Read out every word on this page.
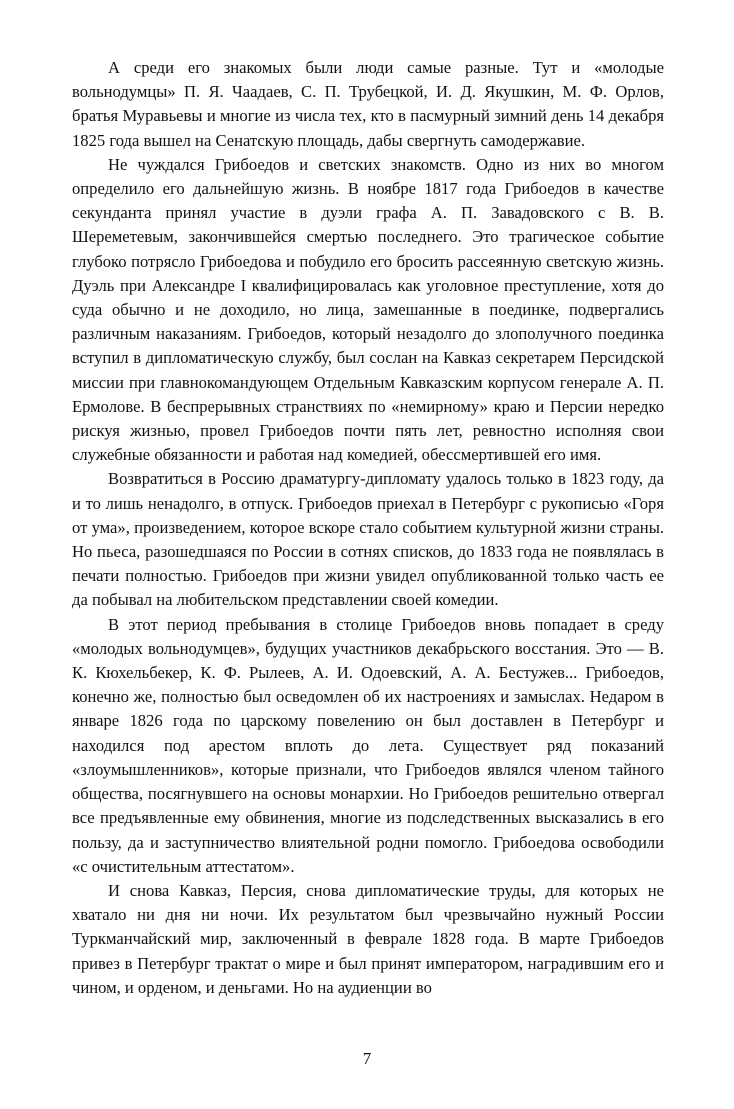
А среди его знакомых были люди самые разные. Тут и «молодые вольнодумцы» П. Я. Чаадаев, С. П. Трубецкой, И. Д. Якушкин, М. Ф. Орлов, братья Муравьевы и многие из числа тех, кто в пасмурный зимний день 14 декабря 1825 года вышел на Сенатскую площадь, дабы свергнуть самодержавие.

Не чуждался Грибоедов и светских знакомств. Одно из них во многом определило его дальнейшую жизнь. В ноябре 1817 года Грибоедов в качестве секунданта принял участие в дуэли графа А. П. Завадовского с В. В. Шереметевым, закончившейся смертью последнего. Это трагическое событие глубоко потрясло Грибоедова и побудило его бросить рассеянную светскую жизнь. Дуэль при Александре I квалифицировалась как уголовное преступление, хотя до суда обычно и не доходило, но лица, замешанные в поединке, подвергались различным наказаниям. Грибоедов, который незадолго до злополучного поединка вступил в дипломатическую службу, был сослан на Кавказ секретарем Персидской миссии при главнокомандующем Отдельным Кавказским корпусом генерале А. П. Ермолове. В беспрерывных странствиях по «немирному» краю и Персии нередко рискуя жизнью, провел Грибоедов почти пять лет, ревностно исполняя свои служебные обязанности и работая над комедией, обессмертившей его имя.

Возвратиться в Россию драматургу-дипломату удалось только в 1823 году, да и то лишь ненадолго, в отпуск. Грибоедов приехал в Петербург с рукописью «Горя от ума», произведением, которое вскоре стало событием культурной жизни страны. Но пьеса, разошедшаяся по России в сотнях списков, до 1833 года не появлялась в печати полностью. Грибоедов при жизни увидел опубликованной только часть ее да побывал на любительском представлении своей комедии.

В этот период пребывания в столице Грибоедов вновь попадает в среду «молодых вольнодумцев», будущих участников декабрьского восстания. Это — В. К. Кюхельбекер, К. Ф. Рылеев, А. И. Одоевский, А. А. Бестужев... Грибоедов, конечно же, полностью был осведомлен об их настроениях и замыслах. Недаром в январе 1826 года по царскому повелению он был доставлен в Петербург и находился под арестом вплоть до лета. Существует ряд показаний «злоумышленников», которые признали, что Грибоедов являлся членом тайного общества, посягнувшего на основы монархии. Но Грибоедов решительно отвергал все предъявленные ему обвинения, многие из подследственных высказались в его пользу, да и заступничество влиятельной родни помогло. Грибоедова освободили «с очистительным аттестатом».

И снова Кавказ, Персия, снова дипломатические труды, для которых не хватало ни дня ни ночи. Их результатом был чрезвычайно нужный России Туркманчайский мир, заключенный в феврале 1828 года. В марте Грибоедов привез в Петербург трактат о мире и был принят императором, наградившим его и чином, и орденом, и деньгами. Но на аудиенции во

7
